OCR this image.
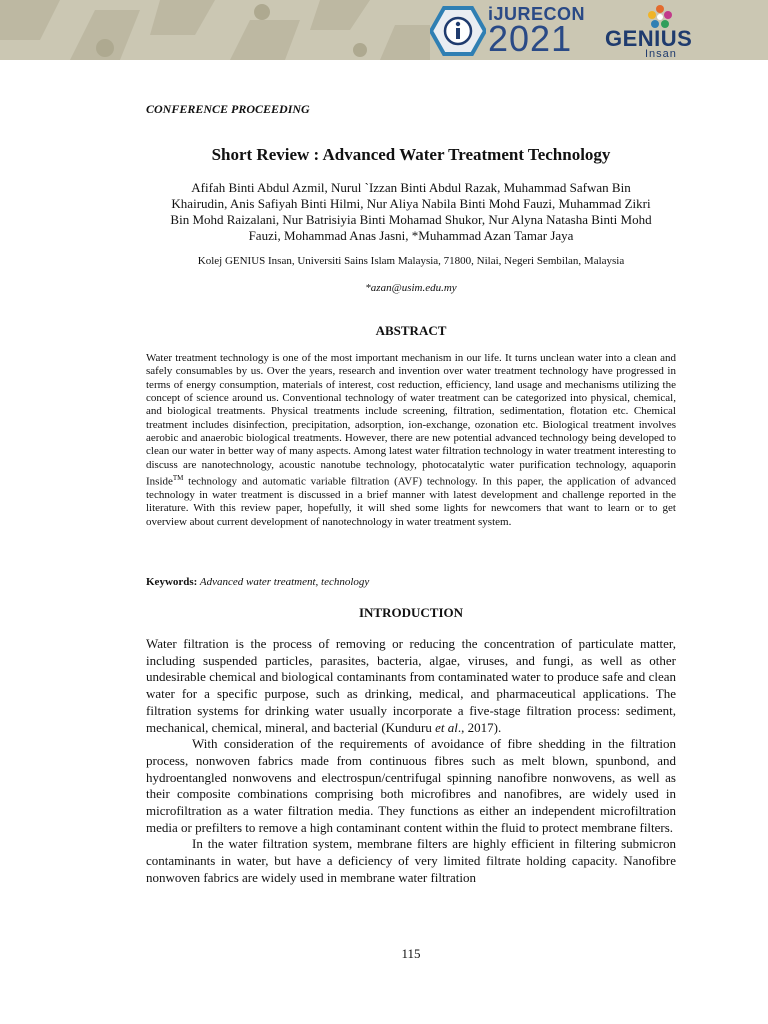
iJURECON
2021 GENIUS
Insan

CONFERENCE PROCEEDING

Short Review : Advanced Water Treatment Technology
Afifah Binti Abdul Azmil, Nurul `Izzan Binti Abdul Razak, Muhammad Safwan Bin
Khairudin, Anis Safiyah Binti Hilmi, Nur Aliya Nabila Binti Mohd Fauzi, Muhammad Zikri
Bin Mohd Raizalani, Nur Batrisiyia Binti Mohamad Shukor, Nur Alyna Natasha Binti Mohd
Fauzi, Mohammad Anas Jasni, *Muhammad Azan Tamar Jaya

Kolej GENIUS Insan, Universiti Sains Islam Malaysia, 71800, Nilai, Negeri Sembilan, Malaysia

*azan@usim.edu.my

ABSTRACT

Water treatment technology is one of the most important mechanism in our life. It turns unclean water into a clean and safely consumables by us. Over the years, research and invention over water treatment technology have progressed in terms of energy consumption, materials of interest, cost reduction, efficiency, land usage and mechanisms utilizing the concept of science around us. Conventional technology of water treatment can be categorized into physical, chemical, and biological treatments. Physical treatments include screening, filtration, sedimentation, flotation etc. Chemical treatment includes disinfection, precipitation, adsorption, ion-exchange, ozonation etc. Biological treatment involves aerobic and anaerobic biological treatments. However, there are new potential advanced technology being developed to clean our water in better way of many aspects. Among latest water filtration technology in water treatment interesting to discuss are nanotechnology, acoustic nanotube technology, photocatalytic water purification technology, aquaporin Inside™ technology and automatic variable filtration (AVF) technology. In this paper, the application of advanced technology in water treatment is discussed in a brief manner with latest development and challenge reported in the literature. With this review paper, hopefully, it will shed some lights for newcomers that want to learn or to get overview about current development of nanotechnology in water treatment system.

Keywords: Advanced water treatment, technology

INTRODUCTION

Water filtration is the process of removing or reducing the concentration of particulate matter, including suspended particles, parasites, bacteria, algae, viruses, and fungi, as well as other undesirable chemical and biological contaminants from contaminated water to produce safe and clean water for a specific purpose, such as drinking, medical, and pharmaceutical applications. The filtration systems for drinking water usually incorporate a five-stage filtration process: sediment, mechanical, chemical, mineral, and bacterial (Kunduru et al., 2017).

With consideration of the requirements of avoidance of fibre shedding in the filtration process, nonwoven fabrics made from continuous fibres such as melt blown, spunbond, and hydroentangled nonwovens and electrospun/centrifugal spinning nanofibre nonwovens, as well as their composite combinations comprising both microfibres and nanofibres, are widely used in microfiltration as a water filtration media. They functions as either an independent microfiltration media or prefilters to remove a high contaminant content within the fluid to protect membrane filters.

In the water filtration system, membrane filters are highly efficient in filtering submicron contaminants in water, but have a deficiency of very limited filtrate holding capacity. Nanofibre nonwoven fabrics are widely used in membrane water filtration

115
